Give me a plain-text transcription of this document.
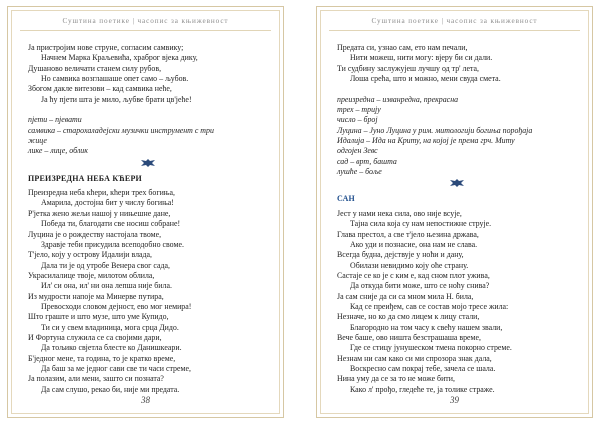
Суштина поетике | часопис за књижевност
Ја пристројим нове струне, согласим самвику;
Начнем Марка Краљевића, храброг вјека дику,
Душаново величати станем силу рубов,
Но самвика возглашаше опет само – љубов.
Збогом дакле витезови – кад самвика неће,
Ја ћу пјети шта је мило, љубве брати цв'јеће!
пјети – пјевати
самвика – старохаладејски музички инструмент с три
жице
лике – лице, облик
ПРЕИЗРЕДНА НЕБА КЋЕРИ
Преизредна неба кћери, кћери трех богиња,
Амарила, достојна бит у числу богиња!
Р'јетка жено жељи нашој у нињешне дане,
Победа ти, благодати све носиш собране!
Луцина је о рождеству настојала твоме,
Здравје теби присудила всеподобно своме.
Т'јело, коју у острову Идалији влада,
Дала ти је од утробе Венера свог сада,
Украсилалице твоје, милотом облила,
Ил' си она, ил' ни она лепша није била.
Из мудрости напоје ма Минерве путира,
Превосходи словом дејност, ево мог немира!
Што граште и што музе, што уме Купидо,
Ти си у свем владиница, мога срца Дидо.
И Фортуна служила се са својими дари,
Да тољико свјетла блесте ко Данишкеари.
Б'једног мене, та година, то је кратко време,
Да баш за ме једног сави све ти часи стреме,
Ја полазим, али мени, зашто си познатa?
Да сам слушо, рекао би, није ми предата.
38
Суштина поетике | часопис за књижевност
Предата си, узнао сам, ето нам печали,
Нити можеш, нити могу: вјеру би си дали.
Ти судбину заслужујеш лучшу од тр' лета,
Лоша срећа, што и можно, мени свуда смета.
преизредна – изванредна, прекрасна
трех – трију
числo – број
Луцина – Јуно Луцина у рим. митологији богиња порођаја
Идалија – Ида на Криту, на којој је према грч. Миту
одгојен Зевс
сад – врт, башта
лушће – боље
САН
Јест у нами нека сила, ово није всује,
Тајна сила која су нам непостижне струје.
Глава престол, а све т'јело њезина држава,
Ако уди и познасие, она нам не слава.
Всегда будна, дејствује у ноћи и дану,
Обилази невидимо коју оће страну.
Састаје се ко је с ким е, кад сном плот уживa,
Да откуда бити може, што се ноћу снива?
Ја сам сније да си са мном мила Н. била,
Кад се преиђем, сав се состав мојо тресе жила:
Незначе, но ко да смо лицем к лицу стали,
Благородно на том часу к свећу нашем звали,
Вече баше, ово ништа безстрашаша време,
Где се стицу јунушеском тмена покорно стреме.
Незнам ни сам како си ми спрозора знак дала,
Воскресно сам покрај тебе, зачела се шала.
Нина уму да се за то не може бити,
Како л' прођо, гледеће те, ја толике страже.
39
